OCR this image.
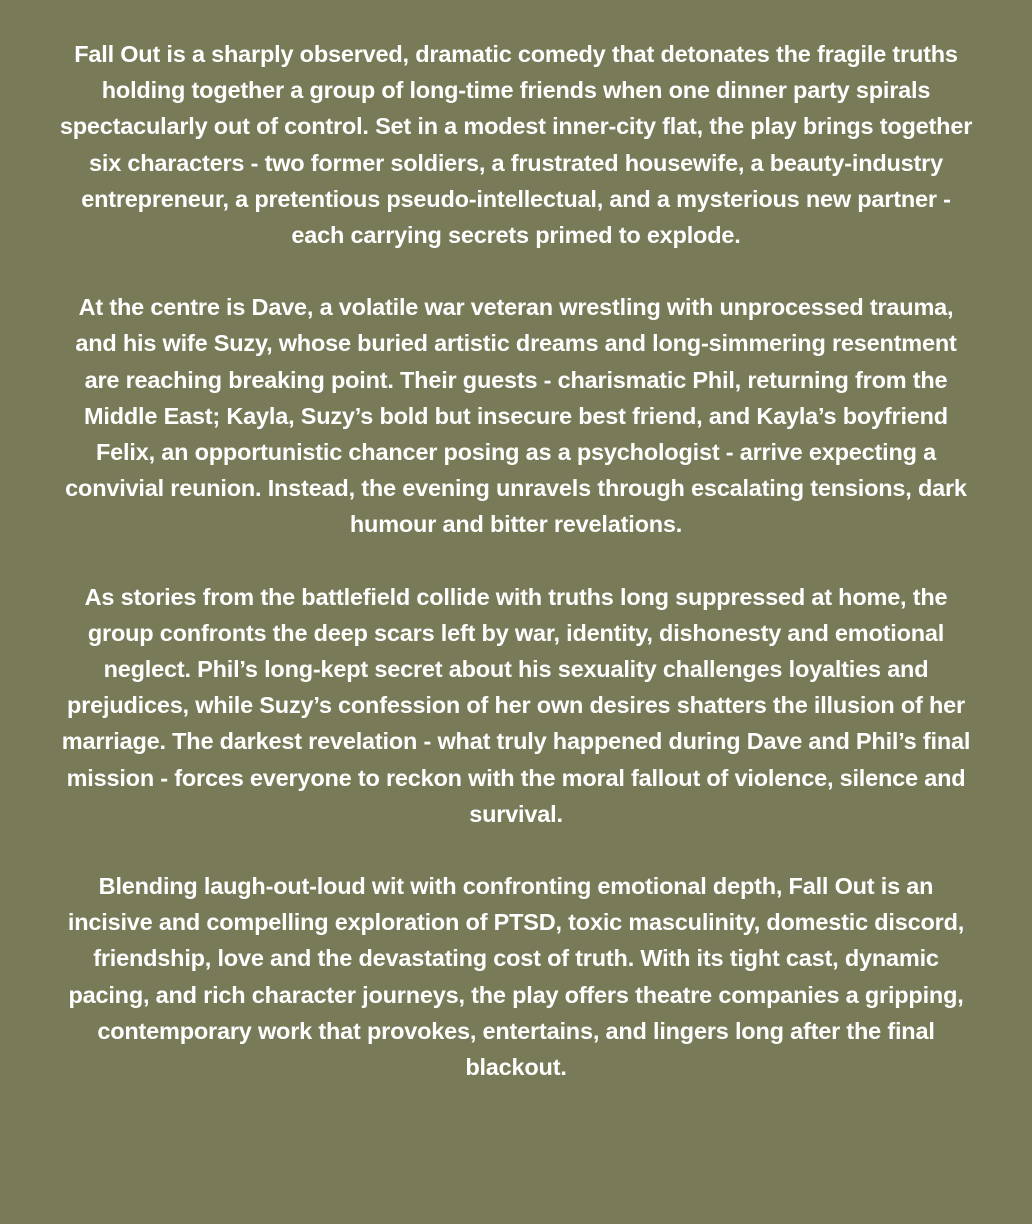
Fall Out is a sharply observed, dramatic comedy that detonates the fragile truths holding together a group of long-time friends when one dinner party spirals spectacularly out of control. Set in a modest inner-city flat, the play brings together six characters - two former soldiers, a frustrated housewife, a beauty-industry entrepreneur, a pretentious pseudo-intellectual, and a mysterious new partner - each carrying secrets primed to explode.

At the centre is Dave, a volatile war veteran wrestling with unprocessed trauma, and his wife Suzy, whose buried artistic dreams and long-simmering resentment are reaching breaking point. Their guests - charismatic Phil, returning from the Middle East; Kayla, Suzy’s bold but insecure best friend, and Kayla’s boyfriend Felix, an opportunistic chancer posing as a psychologist - arrive expecting a convivial reunion. Instead, the evening unravels through escalating tensions, dark humour and bitter revelations.

As stories from the battlefield collide with truths long suppressed at home, the group confronts the deep scars left by war, identity, dishonesty and emotional neglect. Phil’s long-kept secret about his sexuality challenges loyalties and prejudices, while Suzy’s confession of her own desires shatters the illusion of her marriage. The darkest revelation - what truly happened during Dave and Phil’s final mission - forces everyone to reckon with the moral fallout of violence, silence and survival.

Blending laugh-out-loud wit with confronting emotional depth, Fall Out is an incisive and compelling exploration of PTSD, toxic masculinity, domestic discord, friendship, love and the devastating cost of truth. With its tight cast, dynamic pacing, and rich character journeys, the play offers theatre companies a gripping, contemporary work that provokes, entertains, and lingers long after the final blackout.
